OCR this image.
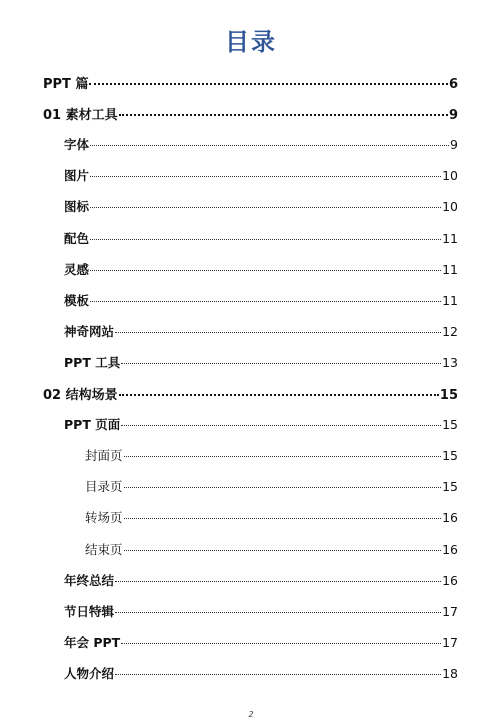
目录
PPT 篇	6
01 素材工具	9
字体	9
图片	10
图标	10
配色	11
灵感	11
模板	11
神奇网站	12
PPT 工具	13
02 结构场景	15
PPT 页面	15
封面页	15
目录页	15
转场页	16
结束页	16
年终总结	16
节日特辑	17
年会 PPT	17
人物介绍	18
2
